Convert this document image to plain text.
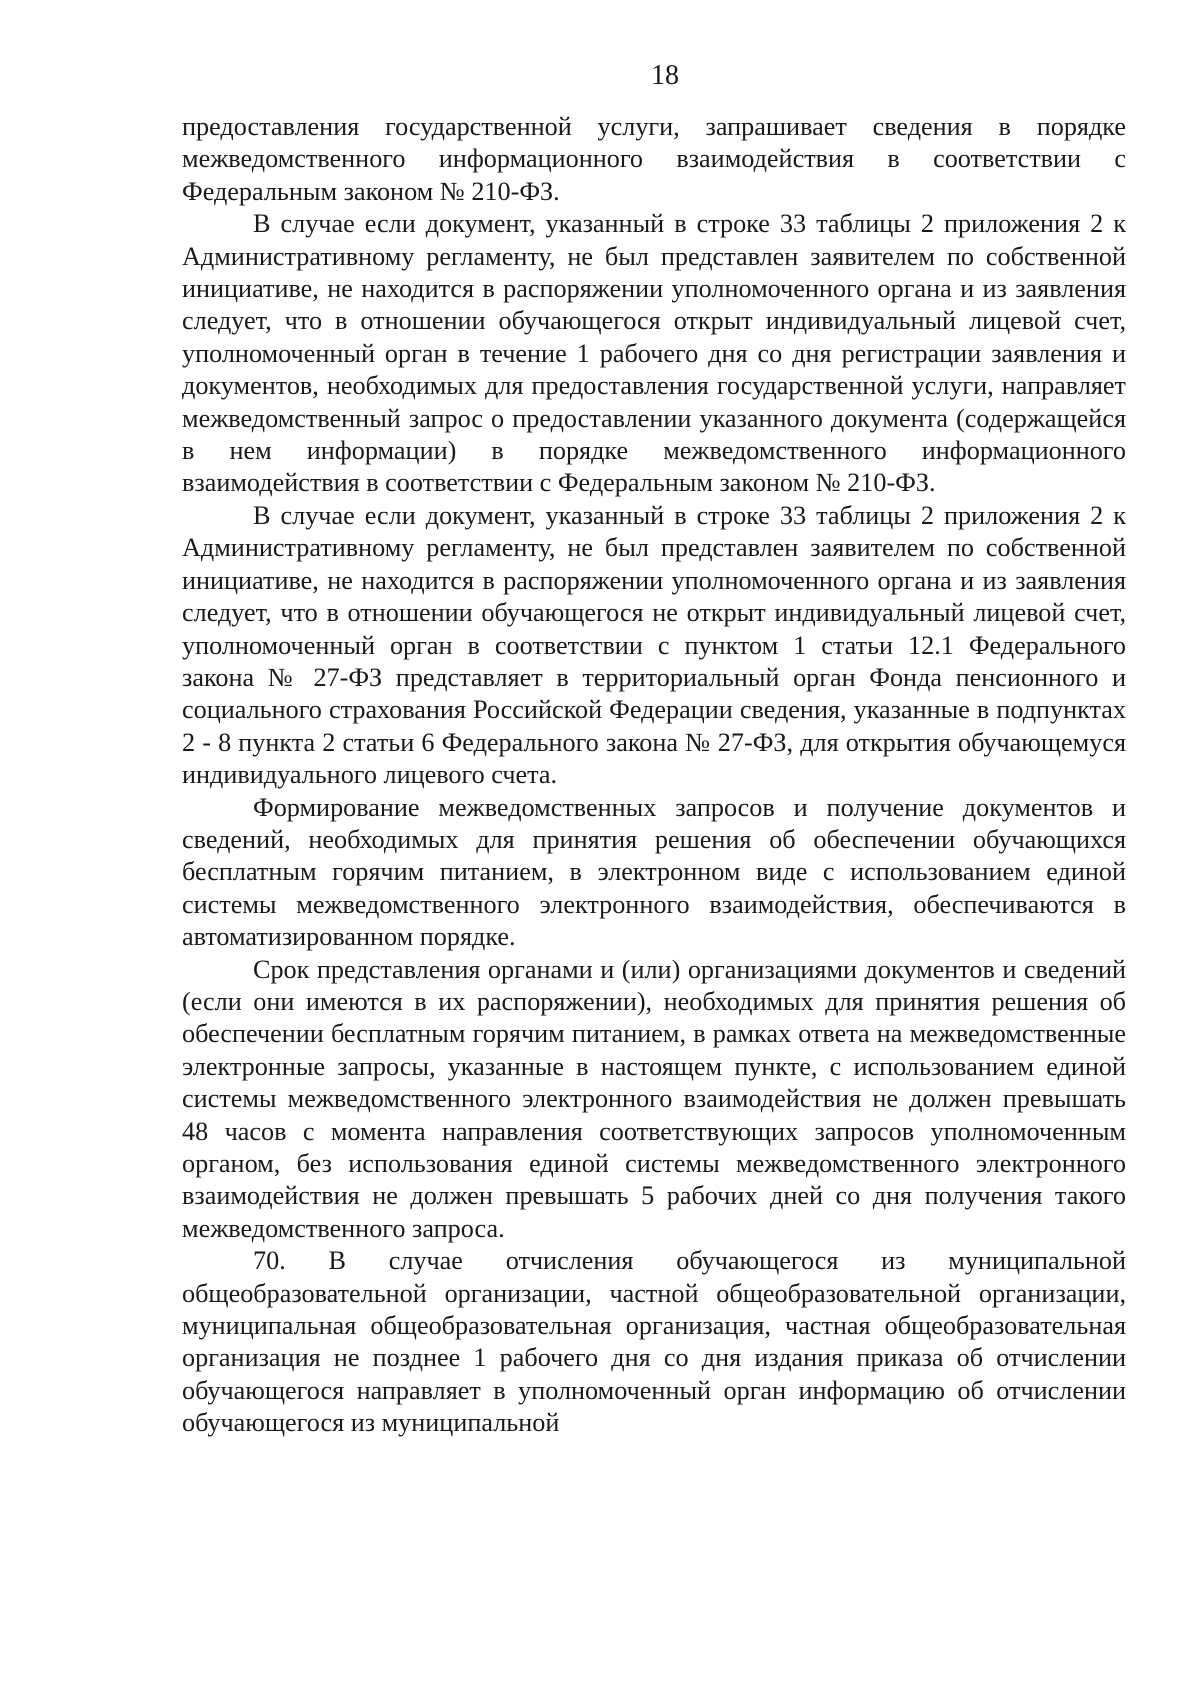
18

предоставления государственной услуги, запрашивает сведения в порядке межведомственного информационного взаимодействия в соответствии с Федеральным законом № 210-ФЗ.

В случае если документ, указанный в строке 33 таблицы 2 приложения 2 к Административному регламенту, не был представлен заявителем по собственной инициативе, не находится в распоряжении уполномоченного органа и из заявления следует, что в отношении обучающегося открыт индивидуальный лицевой счет, уполномоченный орган в течение 1 рабочего дня со дня регистрации заявления и документов, необходимых для предоставления государственной услуги, направляет межведомственный запрос о предоставлении указанного документа (содержащейся в нем информации) в порядке межведомственного информационного взаимодействия в соответствии с Федеральным законом № 210-ФЗ.

В случае если документ, указанный в строке 33 таблицы 2 приложения 2 к Административному регламенту, не был представлен заявителем по собственной инициативе, не находится в распоряжении уполномоченного органа и из заявления следует, что в отношении обучающегося не открыт индивидуальный лицевой счет, уполномоченный орган в соответствии с пунктом 1 статьи 12.1 Федерального закона № 27-ФЗ представляет в территориальный орган Фонда пенсионного и социального страхования Российской Федерации сведения, указанные в подпунктах 2 - 8 пункта 2 статьи 6 Федерального закона № 27-ФЗ, для открытия обучающемуся индивидуального лицевого счета.

Формирование межведомственных запросов и получение документов и сведений, необходимых для принятия решения об обеспечении обучающихся бесплатным горячим питанием, в электронном виде с использованием единой системы межведомственного электронного взаимодействия, обеспечиваются в автоматизированном порядке.

Срок представления органами и (или) организациями документов и сведений (если они имеются в их распоряжении), необходимых для принятия решения об обеспечении бесплатным горячим питанием, в рамках ответа на межведомственные электронные запросы, указанные в настоящем пункте, с использованием единой системы межведомственного электронного взаимодействия не должен превышать 48 часов с момента направления соответствующих запросов уполномоченным органом, без использования единой системы межведомственного электронного взаимодействия не должен превышать 5 рабочих дней со дня получения такого межведомственного запроса.

70. В случае отчисления обучающегося из муниципальной общеобразовательной организации, частной общеобразовательной организации, муниципальная общеобразовательная организация, частная общеобразовательная организация не позднее 1 рабочего дня со дня издания приказа об отчислении обучающегося направляет в уполномоченный орган информацию об отчислении обучающегося из муниципальной
